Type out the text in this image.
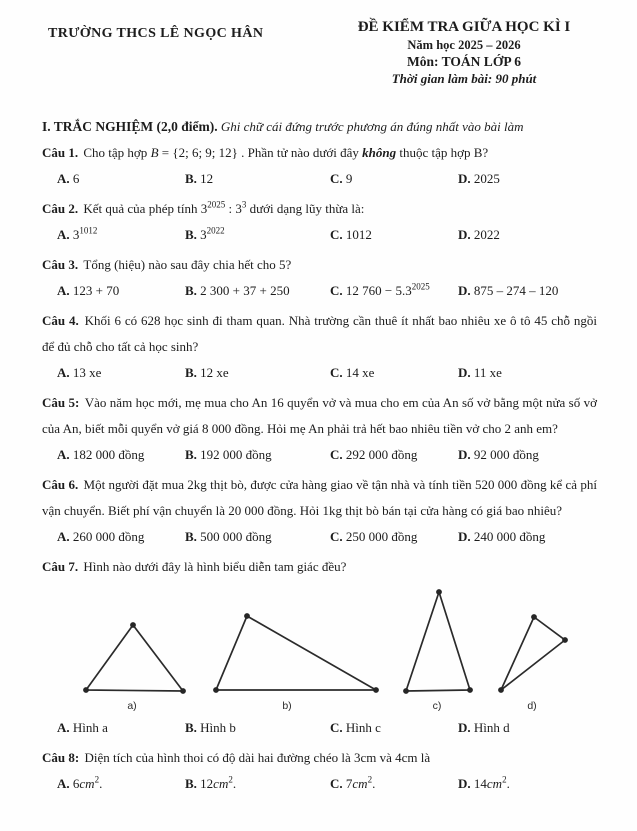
TRƯỜNG THCS LÊ NGỌC HÂN	ĐỀ KIỂM TRA GIỮA HỌC KÌ I
Năm học 2025 – 2026
Môn: TOÁN LỚP 6
Thời gian làm bài: 90 phút

I. TRẮC NGHIỆM (2,0 điểm). Ghi chữ cái đứng trước phương án đúng nhất vào bài làm

Câu 1. Cho tập hợp B = {2; 6; 9; 12} . Phần tử nào dưới đây không thuộc tập hợp B?

A. 6	B. 12	C. 9	D. 2025

Câu 2. Kết quả của phép tính $3^{2025}$ : $3^3$ dưới dạng lũy thừa là:

A. $3^{1012}$	B. $3^{2022}$	C. 1012	D. 2022

Câu 3. Tổng (hiệu) nào sau đây chia hết cho 5?

A. 123 + 70	B. 2 300 + 37 + 250	C. 12 $760 - 5.3^{2025}$	D. 875 – 274 – 120

Câu 4. Khối 6 có 628 học sinh đi tham quan. Nhà trường cần thuê ít nhất bao nhiêu xe ô tô 45 chỗ ngồi để đủ chỗ cho tất cả học sinh?

A. 13 xe	B. 12 xe	C. 14 xe	D. 11 xe

Câu 5: Vào năm học mới, mẹ mua cho An 16 quyển vở và mua cho em của An số vở bằng một nửa số vở của An, biết mỗi quyển vở giá 8 000 đồng. Hỏi mẹ An phải trả hết bao nhiêu tiền vở cho 2 anh em?

A. 182 000 đồng	B. 192 000 đồng	C. 292 000 đồng	D. 92 000 đồng

Câu 6. Một người đặt mua 2kg thịt bò, được cửa hàng giao về tận nhà và tính tiền 520 000 đồng kể cả phí vận chuyển. Biết phí vận chuyển là 20 000 đồng. Hỏi 1kg thịt bò bán tại cửa hàng có giá bao nhiêu?

A. 260 000 đồng	B. 500 000 đồng	C. 250 000 đồng	D. 240 000 đồng

Câu 7. Hình nào dưới đây là hình biểu diễn tam giác đều?

a)	b)	c)	d)
A. Hình a	B. Hình b	C. Hình c	D. Hình d

Câu 8: Diện tích của hình thoi có độ dài hai đường chéo là 3cm và 4cm là

A. $6cm^2$.	B. $12cm^2$.	C. $7cm^2$.	D. $14cm^2$.
